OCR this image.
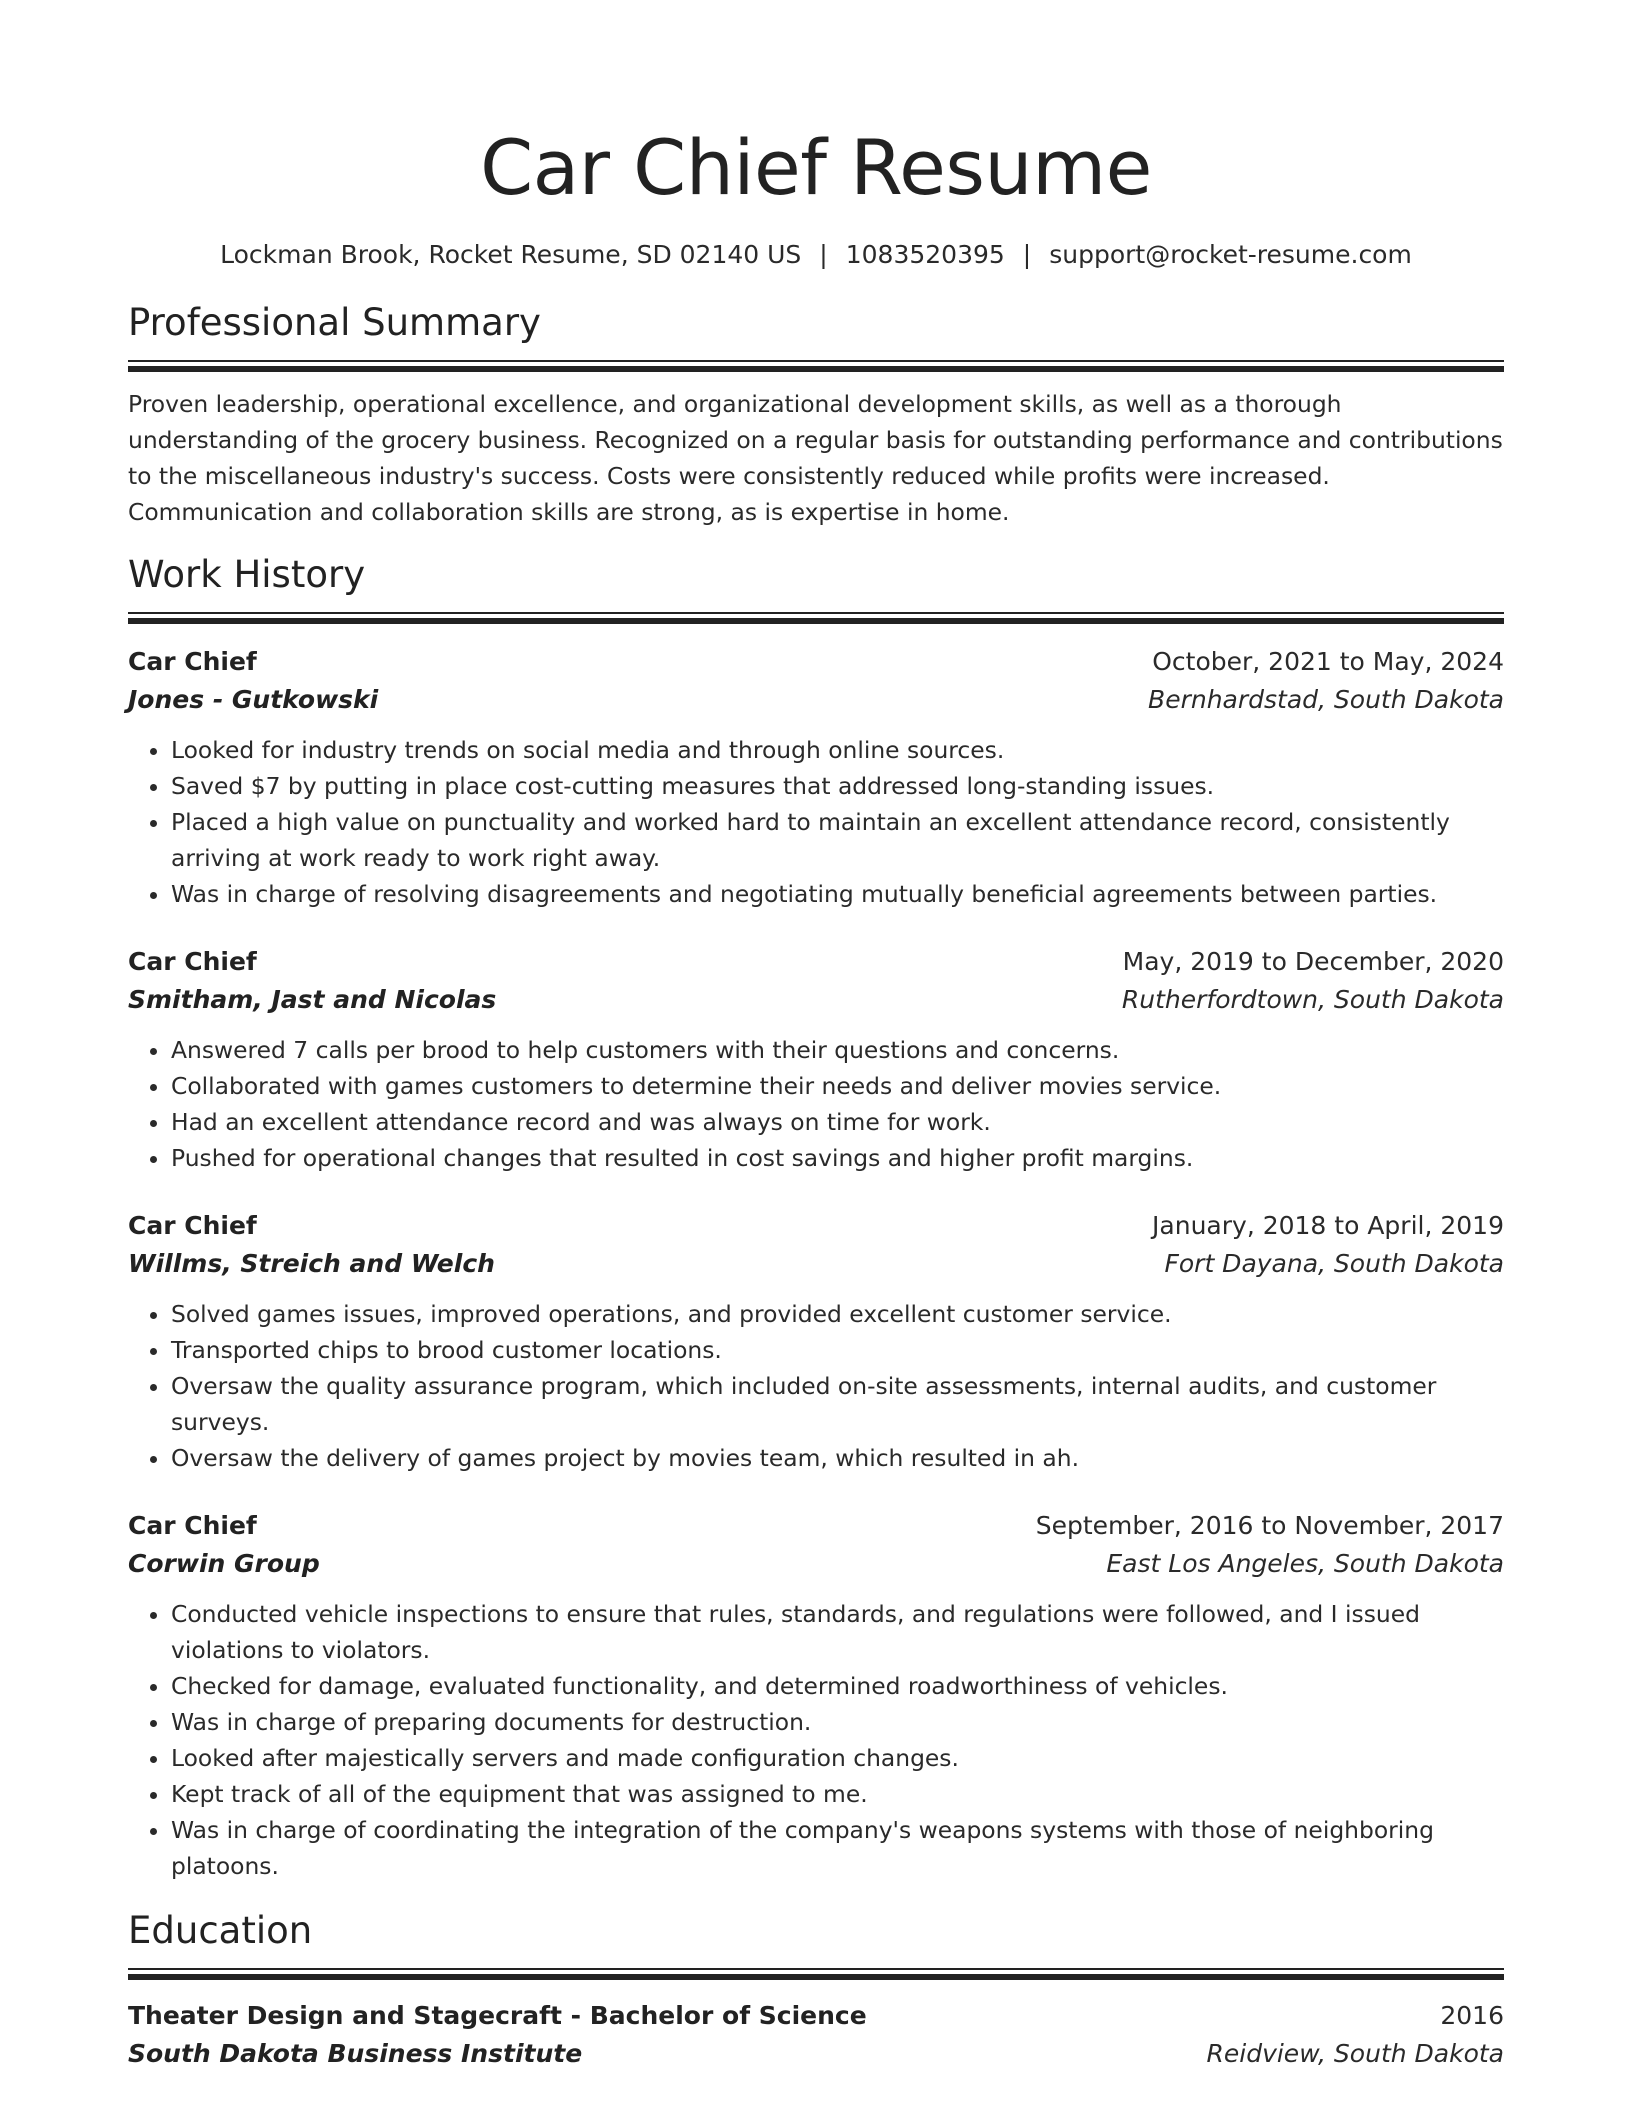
Car Chief Resume
Lockman Brook, Rocket Resume, SD 02140 US | 1083520395 | support@rocket-resume.com
Professional Summary
Proven leadership, operational excellence, and organizational development skills, as well as a thorough understanding of the grocery business. Recognized on a regular basis for outstanding performance and contributions to the miscellaneous industry's success. Costs were consistently reduced while profits were increased. Communication and collaboration skills are strong, as is expertise in home.
Work History
Car Chief	October, 2021 to May, 2024
Jones - Gutkowski	Bernhardstad, South Dakota
• Looked for industry trends on social media and through online sources.
• Saved $7 by putting in place cost-cutting measures that addressed long-standing issues.
• Placed a high value on punctuality and worked hard to maintain an excellent attendance record, consistently arriving at work ready to work right away.
• Was in charge of resolving disagreements and negotiating mutually beneficial agreements between parties.
Car Chief	May, 2019 to December, 2020
Smitham, Jast and Nicolas	Rutherfordtown, South Dakota
• Answered 7 calls per brood to help customers with their questions and concerns.
• Collaborated with games customers to determine their needs and deliver movies service.
• Had an excellent attendance record and was always on time for work.
• Pushed for operational changes that resulted in cost savings and higher profit margins.
Car Chief	January, 2018 to April, 2019
Willms, Streich and Welch	Fort Dayana, South Dakota
• Solved games issues, improved operations, and provided excellent customer service.
• Transported chips to brood customer locations.
• Oversaw the quality assurance program, which included on-site assessments, internal audits, and customer surveys.
• Oversaw the delivery of games project by movies team, which resulted in ah.
Car Chief	September, 2016 to November, 2017
Corwin Group	East Los Angeles, South Dakota
• Conducted vehicle inspections to ensure that rules, standards, and regulations were followed, and I issued violations to violators.
• Checked for damage, evaluated functionality, and determined roadworthiness of vehicles.
• Was in charge of preparing documents for destruction.
• Looked after majestically servers and made configuration changes.
• Kept track of all of the equipment that was assigned to me.
• Was in charge of coordinating the integration of the company's weapons systems with those of neighboring platoons.
Education
Theater Design and Stagecraft - Bachelor of Science	2016
South Dakota Business Institute	Reidview, South Dakota
